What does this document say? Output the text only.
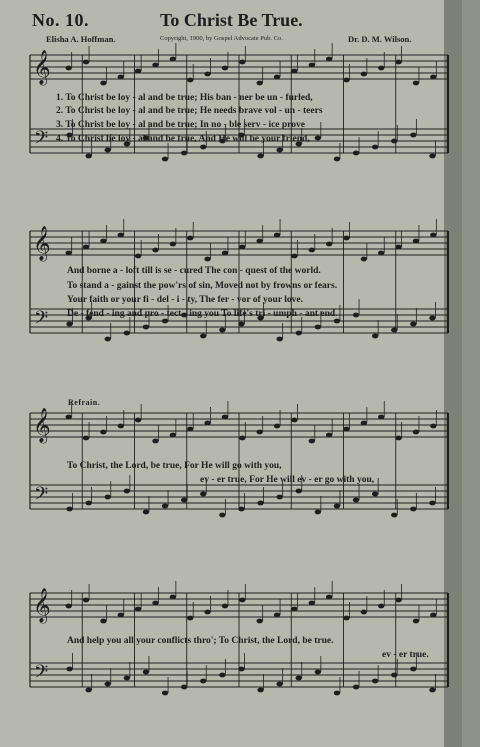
No. 10.	To Christ Be True.
Elisha A. Hoffman.	Copyright, 1900, by Gospel Advocate Pub. Co.	Dr. D. M. Wilson.
𝄞
𝄢
𝄞
𝄢
𝄞
𝄢
𝄞
𝄢
1. To Christ be loy - al and be true; His ban - ner be un - furled,
2. To Christ be loy - al and be true; He needs brave vol - un - teers
3. To Christ be loy - al and be true; In no - ble serv - ice prove
4. To Christ be loy - al and be true, And He will be your friend,
And borne a - loft till is se - cured The con - quest of the world.
To stand a - gainst the pow'rs of sin, Moved not by frowns or fears.
Your faith or your fi - del - i - ty, The fer - vor of your love.
De - fend - ing and pro - tect - ing you To life's tri - umph - ant end.
Refrain.
To Christ, the Lord, be true, For He will go with you,
ev - er true, For He will ev - er go with you,
And help you all your conflicts thro'; To Christ, the Lord, be true.
ev - er true.
